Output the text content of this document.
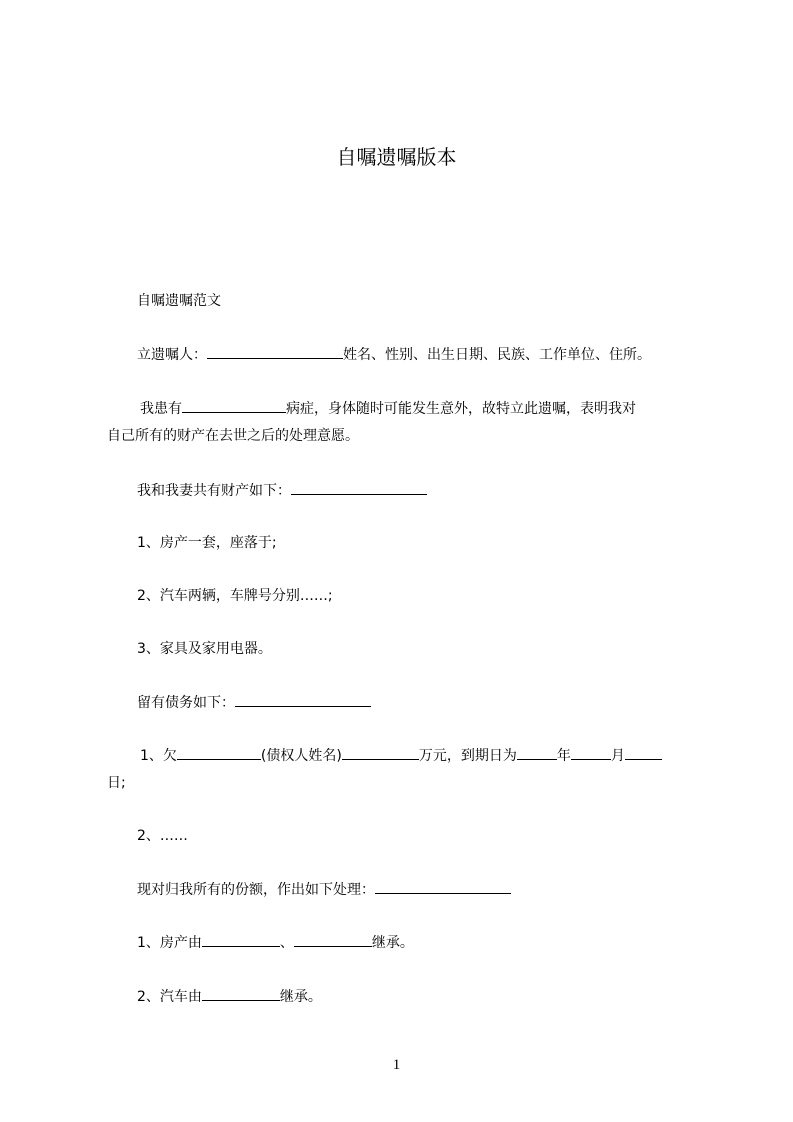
自嘱遗嘱版本
自嘱遗嘱范文
立遗嘱人：	姓名、性别、出生日期、民族、工作单位、住所。
我患有	病症，身体随时可能发生意外，故特立此遗嘱，表明我对
自己所有的财产在去世之后的处理意愿。
我和我妻共有财产如下：
1、房产一套，座落于;
2、汽车两辆，车牌号分别……;
3、家具及家用电器。
留有债务如下：
1、欠	(债权人姓名)	万元，到期日为	年	月
日;
2、……
现对归我所有的份额，作出如下处理：
1、房产由	、	继承。
2、汽车由	继承。
1
